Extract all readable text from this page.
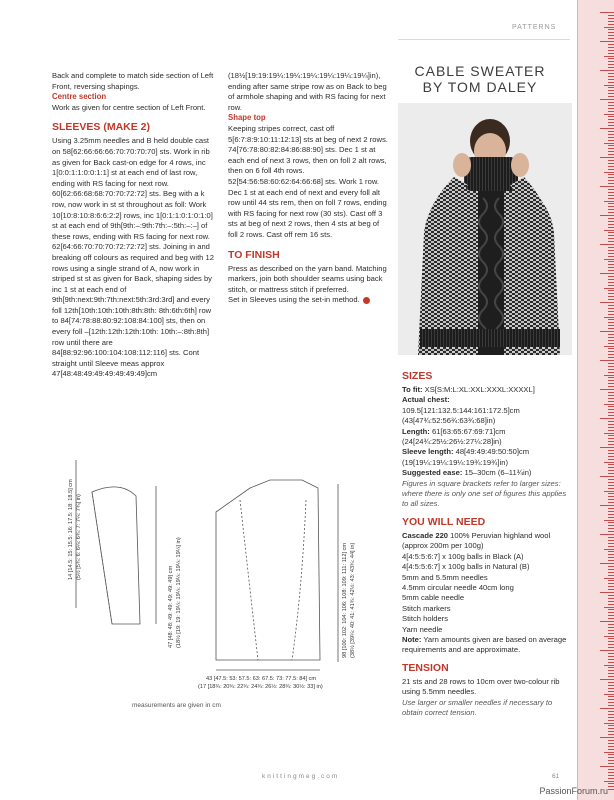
PATTERNS

Back and complete to match side section of Left Front, reversing shapings.

Centre section

Work as given for centre section of Left Front.

SLEEVES (MAKE 2)

Using 3.25mm needles and B held double cast on 58[62:66:66:66:70:70:70:70] sts. Work in rib as given for Back cast-on edge for 4 rows, inc 1[0:0:1:1:0:0:1:1] st at each end of last row, ending with RS facing for next row. 60[62:66:68:68:70:70:72:72] sts. Beg with a k row, now work in st st throughout as foll: Work 10[10:8:10:8:6:6:2:2] rows, inc 1[0:1:1:0:1:0:1:0] st at each end of 9th[9th:–:9th:7th:–:5th:–:–] of these rows, ending with RS facing for next row. 62[64:66:70:70:70:72:72:72] sts. Joining in and breaking off colours as required and beg with 12 rows using a single strand of A, now work in striped st st as given for Back, shaping sides by inc 1 st at each end of 9th[9th:next:9th:7th:next:5th:3rd:3rd] and every foll 12th[10th:10th:10th:8th:8th: 8th:6th:6th] row to 84[74:78:88:80:92:108:84:100] sts, then on every foll –[12th:12th:12th:10th: 10th:–:8th:8th] row until there are 84[88:92:96:100:104:108:112:116] sts. Cont straight until Sleeve meas approx 47[48:48:49:49:49:49:49:49]cm

(18½[19:19:19¼:19¼:19¼:19¼:19¼:19¼]in), ending after same stripe row as on Back to beg of armhole shaping and with RS facing for next row.

Shape top

Keeping stripes correct, cast off 5[6:7:8:9:10:11:12:13] sts at beg of next 2 rows. 74[76:78:80:82:84:86:88:90] sts. Dec 1 st at each end of next 3 rows, then on foll 2 alt rows, then on 6 foll 4th rows. 52[54:56:58:60:62:64:66:68] sts. Work 1 row. Dec 1 st at each end of next and every foll alt row until 44 sts rem, then on foll 7 rows, ending with RS facing for next row (30 sts). Cast off 3 sts at beg of next 2 rows, then 4 sts at beg of foll 2 rows. Cast off rem 16 sts.

TO FINISH

Press as described on the yarn band. Matching markers, join both shoulder seams using back stitch, or mattress stitch if preferred.

Set in Sleeves using the set-in method.

CABLE SWEATER
BY TOM DALEY
SIZES

To fit: XS[S:M:L:XL:XXL:XXXL:XXXXL]

Actual chest:
109.5[121:132.5:144:161:172.5]cm (43[47¾:52:56¾:63¾:68]in)

Length: 61[63:65:67:69:71]cm (24[24¾:25½:26½:27¼:28]in)

Sleeve length: 48[49:49:49:50:50]cm (19[19¼:19¼:19¼:19¾:19¾]in)

Suggested ease: 15–30cm (6–11¾in)

Figures in square brackets refer to larger sizes: where there is only one set of figures this applies to all sizes.

YOU WILL NEED

Cascade 220 100% Peruvian highland wool (approx 200m per 100g)

4[4:5:5:6:7] x 100g balls in Black (A)

4[4:5:5:6:7] x 100g balls in Natural (B)

5mm and 5.5mm needles

4.5mm circular needle 40cm long

5mm cable needle

Stitch markers

Stitch holders

Yarn needle

Note: Yarn amounts given are based on average requirements and are approximate.

TENSION

21 sts and 28 rows to 10cm over two-colour rib using 5.5mm needles.

Use larger or smaller needles if necessary to obtain correct tension.

14 [14.5: 15: 15.5: 16: 17.5: 18: 18.5] cm (5½ [5¾: 6: 6¼: 6¾: 7: 7¼: 7¾] in)
47 [48: 48: 49: 49: 49: 49: 49] cm (18½ [19: 19: 19¼: 19¼: 19¼: 19¼: 19¼] in)	98 [100: 102: 104: 106: 108: 109: 111: 112] cm (38½ [39¼: 40: 41: 41¾: 42½: 43: 43¾: 44] in)
43 [47.5: 53: 57.5: 63: 67.5: 73: 77.5: 84] cm
(17 [18¾: 20¾: 22¾: 24¾: 26½: 28¾: 30½: 33] in)
measurements are given in cm
knittingmeg.com	61
PassionForum.ru
